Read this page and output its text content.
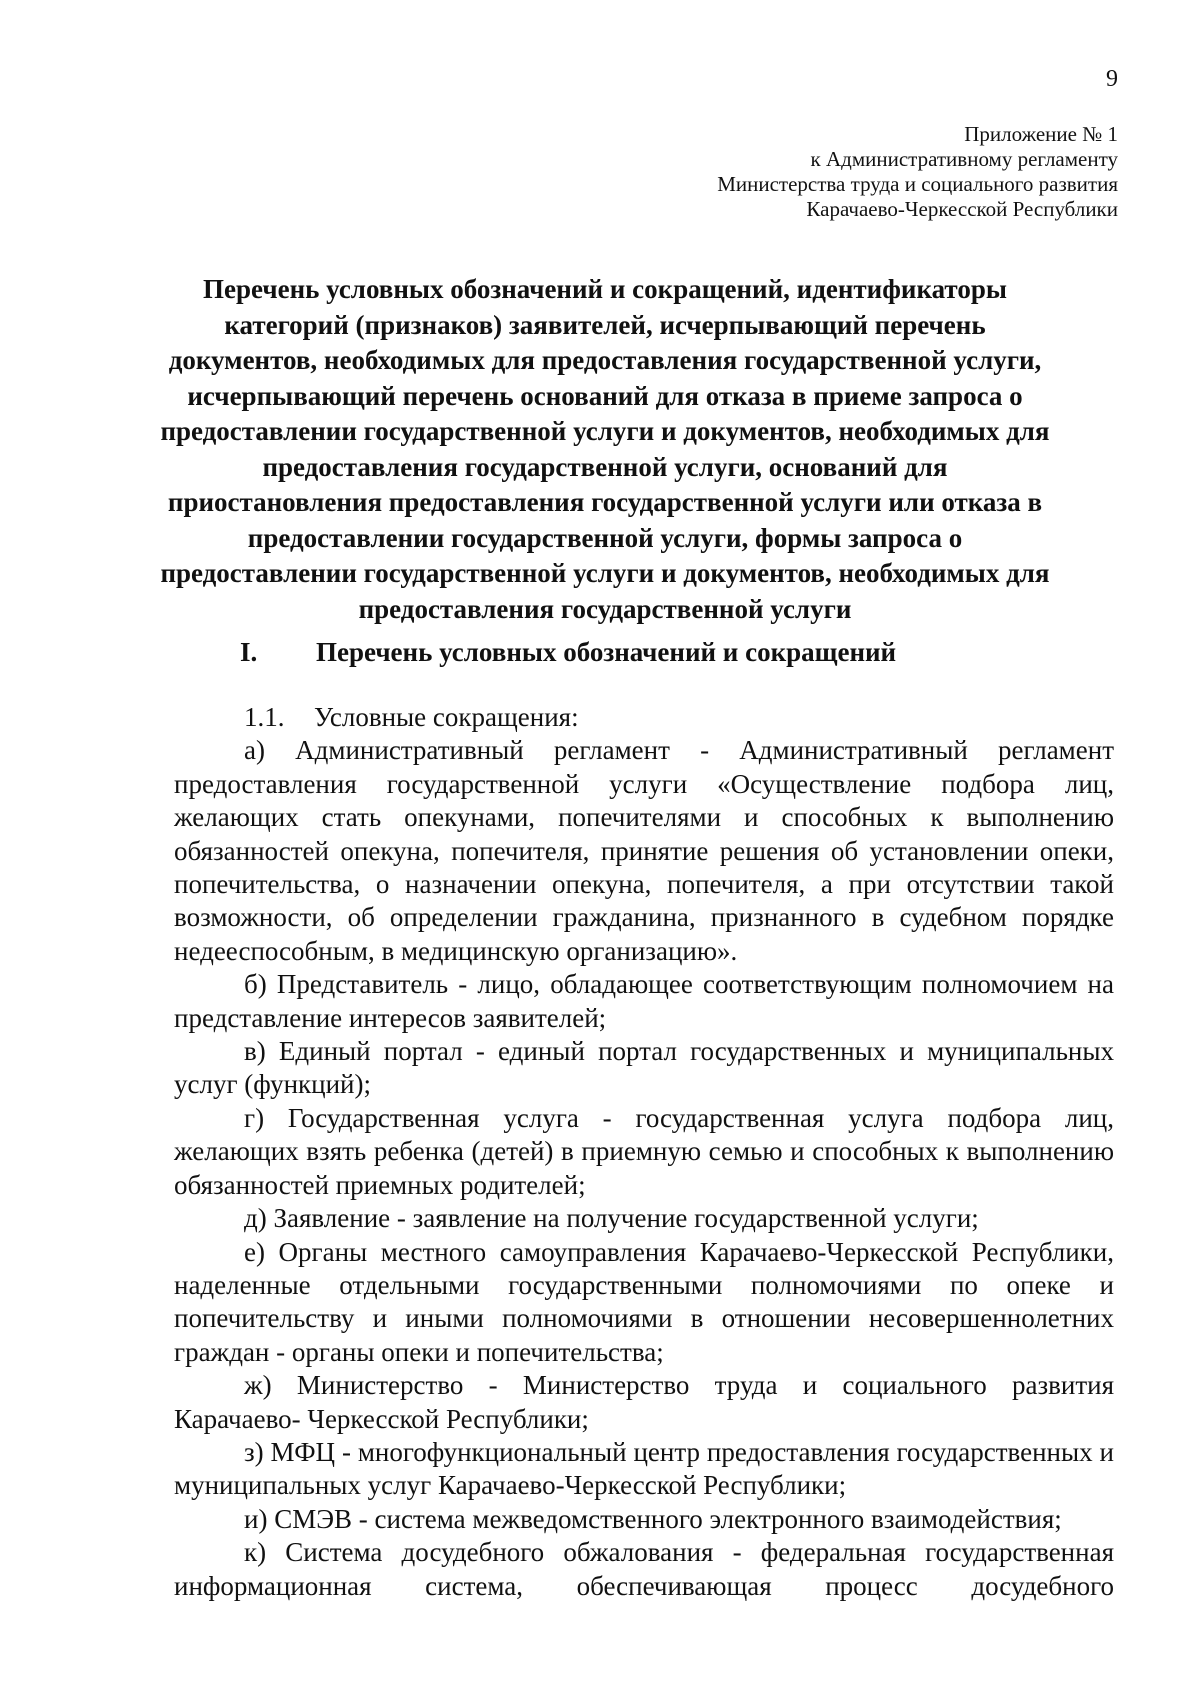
9
Приложение № 1
к Административному регламенту
Министерства труда и социального развития
Карачаево-Черкесской Республики
Перечень условных обозначений и сокращений, идентификаторы категорий (признаков) заявителей, исчерпывающий перечень документов, необходимых для предоставления государственной услуги, исчерпывающий перечень оснований для отказа в приеме запроса о предоставлении государственной услуги и документов, необходимых для предоставления государственной услуги, оснований для приостановления предоставления государственной услуги или отказа в предоставлении государственной услуги, формы запроса о предоставлении государственной услуги и документов, необходимых для предоставления государственной услуги
I. Перечень условных обозначений и сокращений

1.1. Условные сокращения:

а) Административный регламент - Административный регламент предоставления государственной услуги «Осуществление подбора лиц, желающих стать опекунами, попечителями и способных к выполнению обязанностей опекуна, попечителя, принятие решения об установлении опеки, попечительства, о назначении опекуна, попечителя, а при отсутствии такой возможности, об определении гражданина, признанного в судебном порядке недееспособным, в медицинскую организацию».

б) Представитель - лицо, обладающее соответствующим полномочием на представление интересов заявителей;

в) Единый портал - единый портал государственных и муниципальных услуг (функций);

г) Государственная услуга - государственная услуга подбора лиц, желающих взять ребенка (детей) в приемную семью и способных к выполнению обязанностей приемных родителей;

д) Заявление - заявление на получение государственной услуги;

е) Органы местного самоуправления Карачаево-Черкесской Республики, наделенные отдельными государственными полномочиями по опеке и попечительству и иными полномочиями в отношении несовершеннолетних граждан - органы опеки и попечительства;

ж) Министерство - Министерство труда и социального развития Карачаево- Черкесской Республики;

з) МФЦ - многофункциональный центр предоставления государственных и муниципальных услуг Карачаево-Черкесской Республики;

и) СМЭВ - система межведомственного электронного взаимодействия;

к) Система досудебного обжалования - федеральная государственная информационная система, обеспечивающая процесс досудебного
